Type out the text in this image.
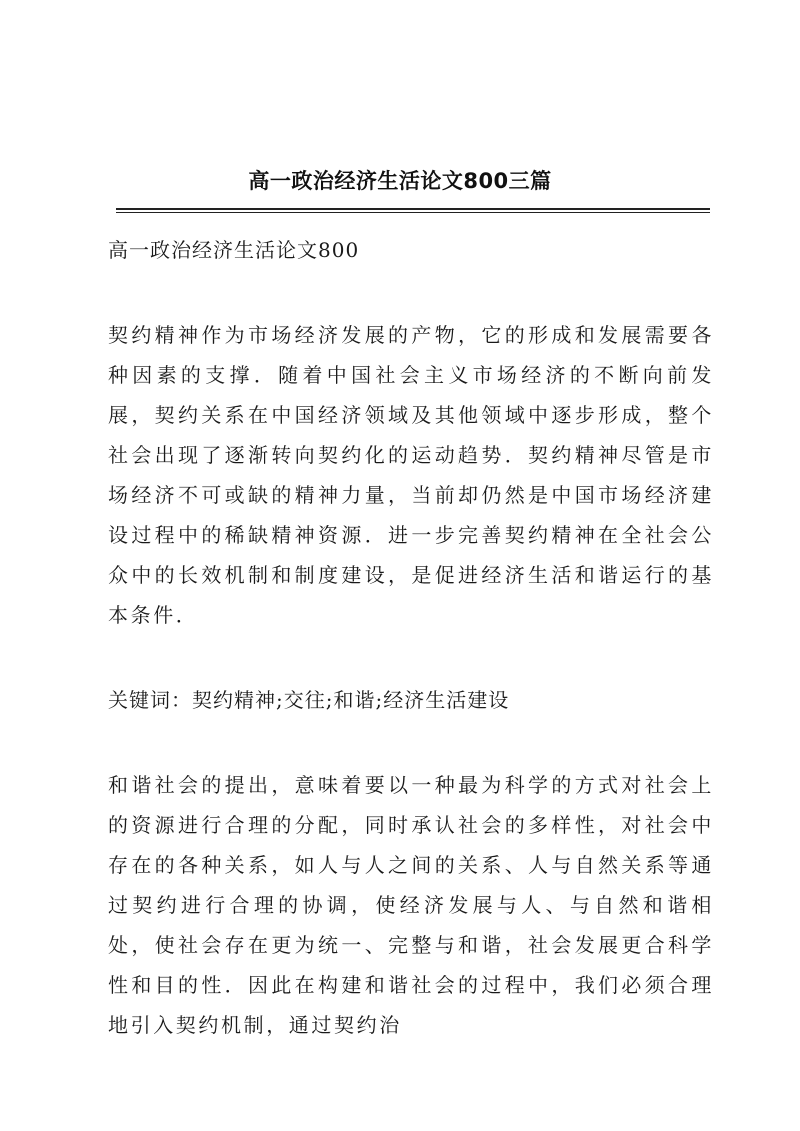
高一政治经济生活论文800三篇
高一政治经济生活论文800

契约精神作为市场经济发展的产物，它的形成和发展需要各种因素的支撑．随着中国社会主义市场经济的不断向前发展，契约关系在中国经济领域及其他领域中逐步形成，整个社会出现了逐渐转向契约化的运动趋势．契约精神尽管是市场经济不可或缺的精神力量，当前却仍然是中国市场经济建设过程中的稀缺精神资源．进一步完善契约精神在全社会公众中的长效机制和制度建设，是促进经济生活和谐运行的基本条件．

关键词：契约精神;交往;和谐;经济生活建设

和谐社会的提出，意味着要以一种最为科学的方式对社会上的资源进行合理的分配，同时承认社会的多样性，对社会中存在的各种关系，如人与人之间的关系、人与自然关系等通过契约进行合理的协调，使经济发展与人、与自然和谐相处，使社会存在更为统一、完整与和谐，社会发展更合科学性和目的性．因此在构建和谐社会的过程中，我们必须合理地引入契约机制，通过契约治
